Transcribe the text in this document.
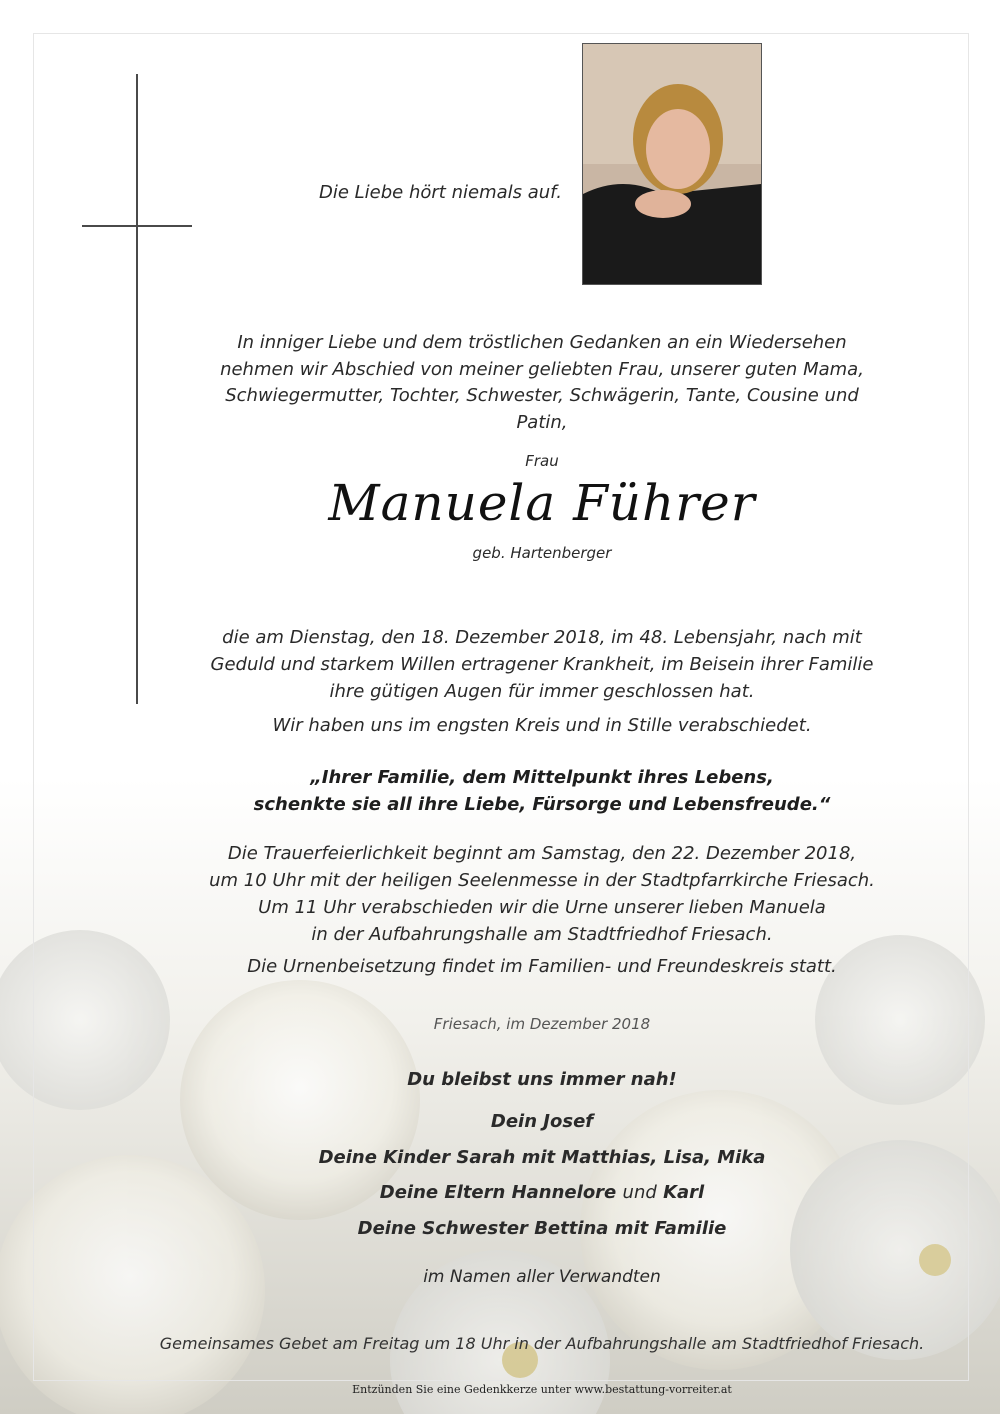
Die Liebe hört niemals auf.
In inniger Liebe und dem tröstlichen Gedanken an ein Wiedersehen
nehmen wir Abschied von meiner geliebten Frau, unserer guten Mama,
Schwiegermutter, Tochter, Schwester, Schwägerin, Tante, Cousine und Patin,
Frau
Manuela Führer
geb. Hartenberger
die am Dienstag, den 18. Dezember 2018, im 48. Lebensjahr, nach mit
Geduld und starkem Willen ertragener Krankheit, im Beisein ihrer Familie
ihre gütigen Augen für immer geschlossen hat.
Wir haben uns im engsten Kreis und in Stille verabschiedet.
„Ihrer Familie, dem Mittelpunkt ihres Lebens,
schenkte sie all ihre Liebe, Fürsorge und Lebensfreude.“
Die Trauerfeierlichkeit beginnt am Samstag, den 22. Dezember 2018,
um 10 Uhr mit der heiligen Seelenmesse in der Stadtpfarrkirche Friesach.
Um 11 Uhr verabschieden wir die Urne unserer lieben Manuela
in der Aufbahrungshalle am Stadtfriedhof Friesach.
Die Urnenbeisetzung findet im Familien- und Freundeskreis statt.
Friesach, im Dezember 2018
Du bleibst uns immer nah!
Dein Josef
Deine Kinder Sarah mit Matthias, Lisa, Mika
Deine Eltern Hannelore und Karl
Deine Schwester Bettina mit Familie
im Namen aller Verwandten
Gemeinsames Gebet am Freitag um 18 Uhr in der Aufbahrungshalle am Stadtfriedhof Friesach.
Entzünden Sie eine Gedenkkerze unter www.bestattung-vorreiter.at
